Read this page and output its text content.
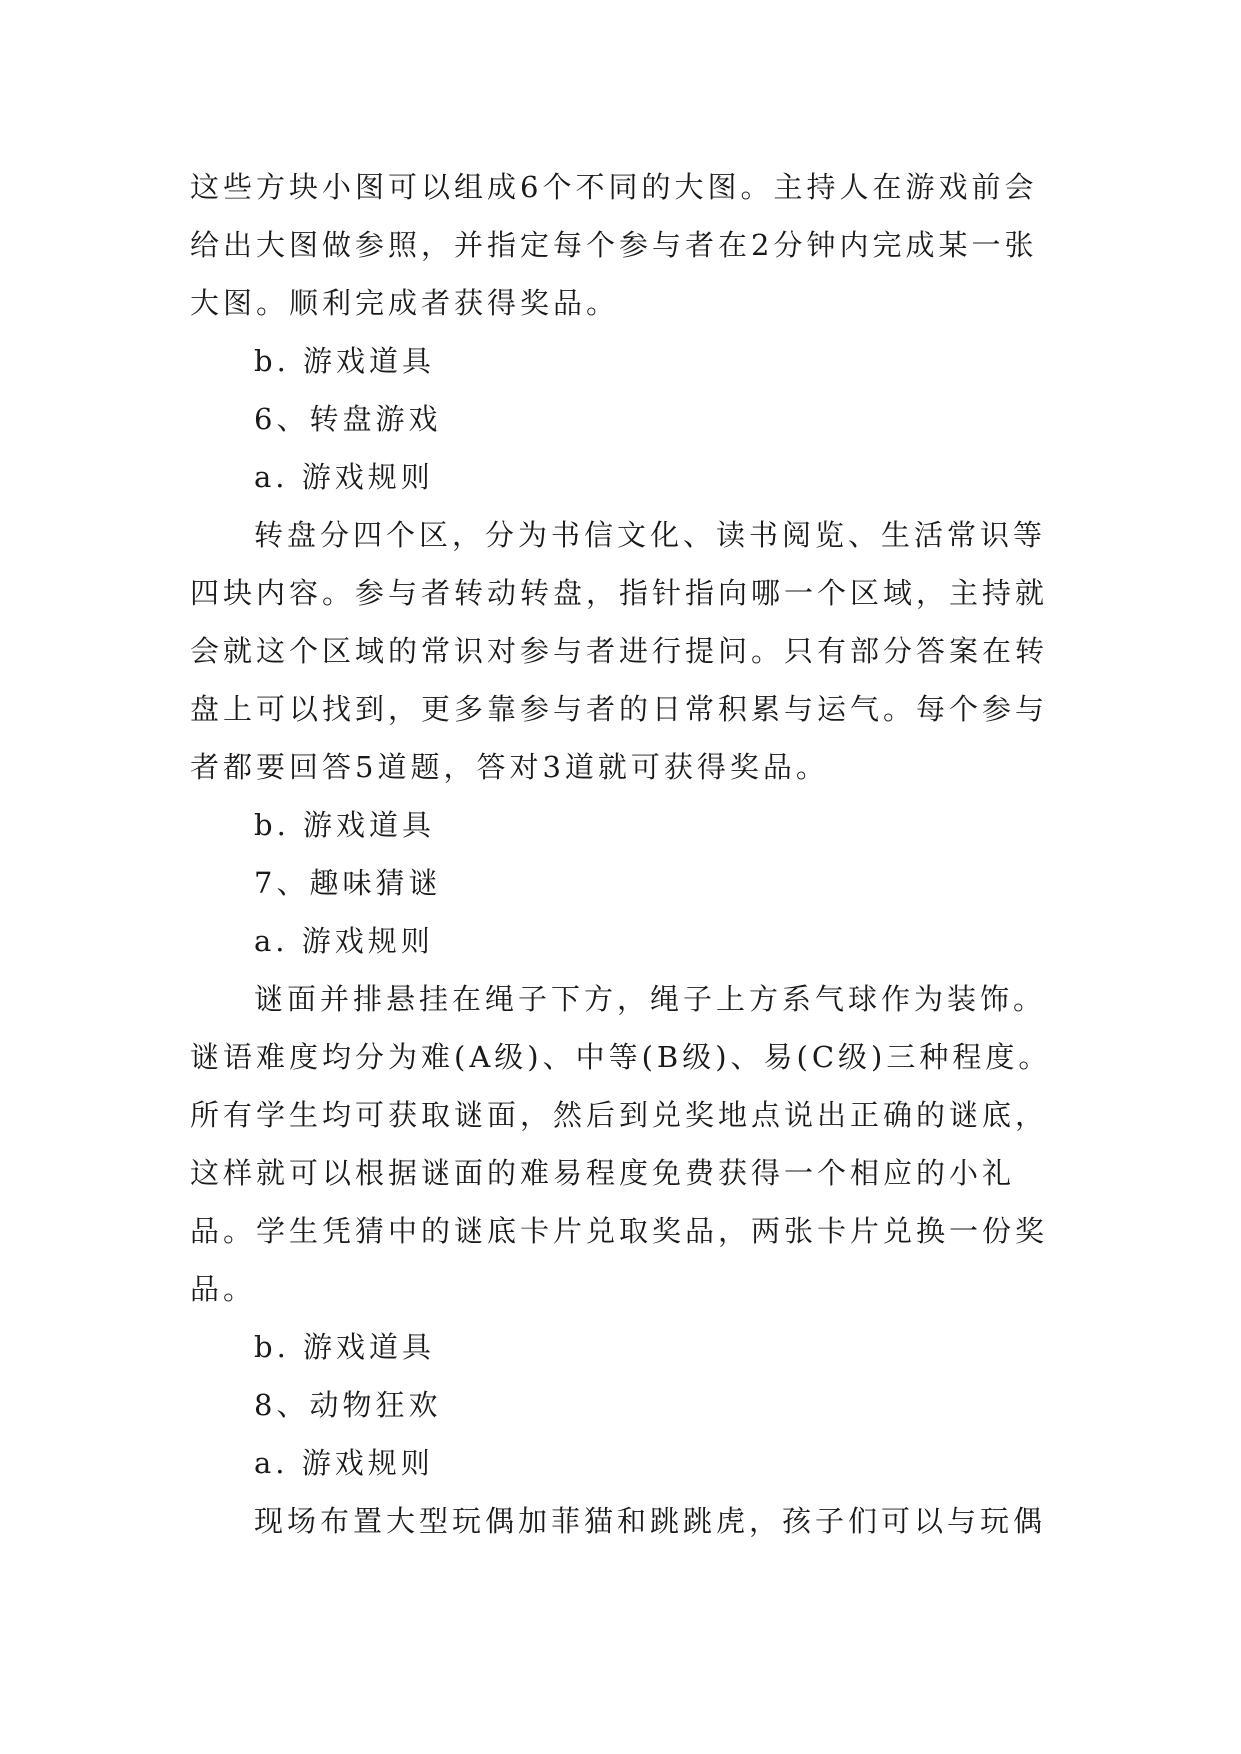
这些方块小图可以组成6个不同的大图。主持人在游戏前会给出大图做参照，并指定每个参与者在2分钟内完成某一张大图。顺利完成者获得奖品。

b. 游戏道具

6、转盘游戏

a. 游戏规则

转盘分四个区，分为书信文化、读书阅览、生活常识等四块内容。参与者转动转盘，指针指向哪一个区域，主持就会就这个区域的常识对参与者进行提问。只有部分答案在转盘上可以找到，更多靠参与者的日常积累与运气。每个参与者都要回答5道题，答对3道就可获得奖品。

b. 游戏道具

7、趣味猜谜

a. 游戏规则

谜面并排悬挂在绳子下方，绳子上方系气球作为装饰。谜语难度均分为难(A级)、中等(B级)、易(C级)三种程度。所有学生均可获取谜面，然后到兑奖地点说出正确的谜底，这样就可以根据谜面的难易程度免费获得一个相应的小礼品。学生凭猜中的谜底卡片兑取奖品，两张卡片兑换一份奖品。

b. 游戏道具

8、动物狂欢

a. 游戏规则

现场布置大型玩偶加菲猫和跳跳虎，孩子们可以与玩偶
